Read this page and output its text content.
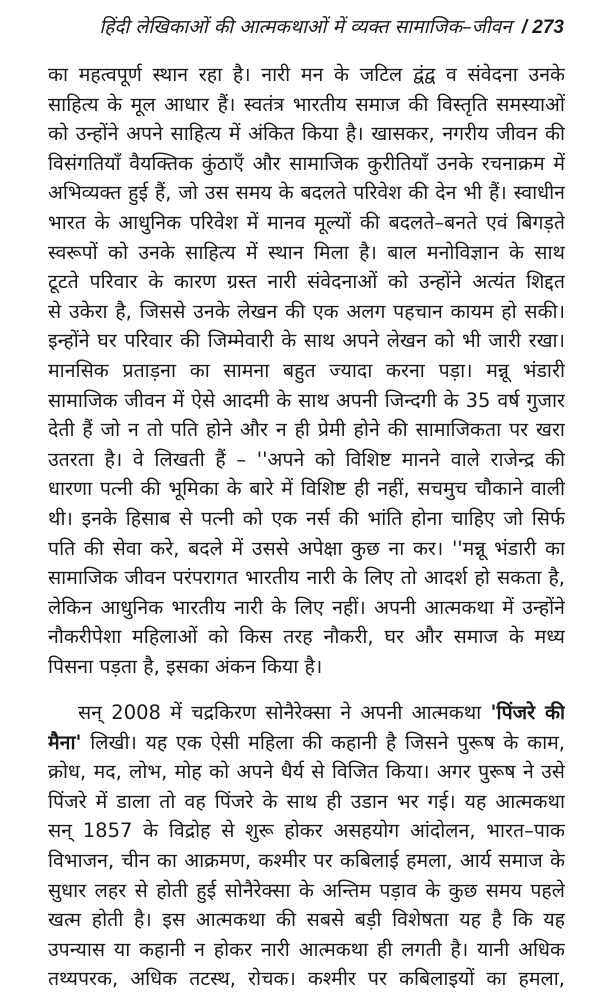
हिंदी लेखिकाओं की आत्मकथाओं में व्यक्त सामाजिक–जीवन / 273
का महत्वपूर्ण स्थान रहा है। नारी मन के जटिल द्वंद्व व संवेदना उनके
साहित्य के मूल आधार हैं। स्वतंत्र भारतीय समाज की विस्तृति समस्याओं
को उन्होंने अपने साहित्य में अंकित किया है। खासकर, नगरीय जीवन की
विसंगतियाँ वैयक्तिक कुंठाएँ और सामाजिक कुरीतियाँ उनके रचनाक्रम में
अभिव्यक्त हुई हैं, जो उस समय के बदलते परिवेश की देन भी हैं। स्वाधीन
भारत के आधुनिक परिवेश में मानव मूल्यों की बदलते–बनते एवं बिगड़ते
स्वरूपों को उनके साहित्य में स्थान मिला है। बाल मनोविज्ञान के साथ
टूटते परिवार के कारण ग्रस्त नारी संवेदनाओं को उन्होंने अत्यंत शिद्दत
से उकेरा है, जिससे उनके लेखन की एक अलग पहचान कायम हो सकी।
इन्होंने घर परिवार की जिम्मेवारी के साथ अपने लेखन को भी जारी रखा।
मानसिक प्रताड़ना का सामना बहुत ज्यादा करना पड़ा। मन्नू भंडारी
सामाजिक जीवन में ऐसे आदमी के साथ अपनी जिन्दगी के 35 वर्ष गुजार
देती हैं जो न तो पति होने और न ही प्रेमी होने की सामाजिकता पर खरा
उतरता है। वे लिखती हैं – ''अपने को विशिष्ट मानने वाले राजेन्द्र की
धारणा पत्नी की भूमिका के बारे में विशिष्ट ही नहीं, सचमुच चौकाने वाली
थी। इनके हिसाब से पत्नी को एक नर्स की भांति होना चाहिए जो सिर्फ
पति की सेवा करे, बदले में उससे अपेक्षा कुछ ना कर। ''मन्नू भंडारी का
सामाजिक जीवन परंपरागत भारतीय नारी के लिए तो आदर्श हो सकता है,
लेकिन आधुनिक भारतीय नारी के लिए नहीं। अपनी आत्मकथा में उन्होंने
नौकरीपेशा महिलाओं को किस तरह नौकरी, घर और समाज के मध्य
पिसना पड़ता है, इसका अंकन किया है।
सन् 2008 में चद्रकिरण सोनैरेक्सा ने अपनी आत्मकथा 'पिंजरे की
मैना' लिखी। यह एक ऐसी महिला की कहानी है जिसने पुरूष के काम,
क्रोध, मद, लोभ, मोह को अपने धैर्य से विजित किया। अगर पुरूष ने उसे
पिंजरे में डाला तो वह पिंजरे के साथ ही उडान भर गई। यह आत्मकथा
सन् 1857 के विद्रोह से शुरू होकर असहयोग आंदोलन, भारत–पाक
विभाजन, चीन का आक्रमण, कश्मीर पर कबिलाई हमला, आर्य समाज के
सुधार लहर से होती हुई सोनैरेक्सा के अन्तिम पड़ाव के कुछ समय पहले
खत्म होती है। इस आत्मकथा की सबसे बड़ी विशेषता यह है कि यह
उपन्यास या कहानी न होकर नारी आत्मकथा ही लगती है। यानी अधिक
तथ्यपरक, अधिक तटस्थ, रोचक। कश्मीर पर कबिलाइयों का हमला,
